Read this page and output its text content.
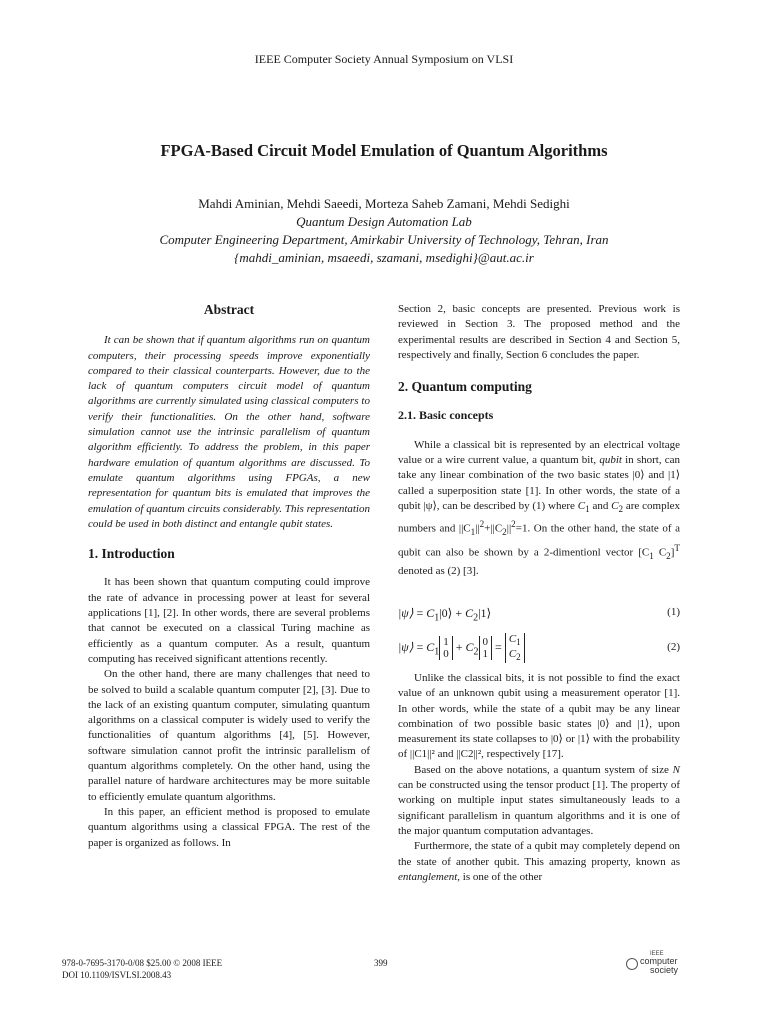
IEEE Computer Society Annual Symposium on VLSI
FPGA-Based Circuit Model Emulation of Quantum Algorithms
Mahdi Aminian, Mehdi Saeedi, Morteza Saheb Zamani, Mehdi Sedighi
Quantum Design Automation Lab
Computer Engineering Department, Amirkabir University of Technology, Tehran, Iran
{mahdi_aminian, msaeedi, szamani, msedighi}@aut.ac.ir
Abstract

It can be shown that if quantum algorithms run on quantum computers, their processing speeds improve exponentially compared to their classical counterparts. However, due to the lack of quantum computers circuit model of quantum algorithms are currently simulated using classical computers to verify their functionalities. On the other hand, software simulation cannot use the intrinsic parallelism of quantum algorithm efficiently. To address the problem, in this paper hardware emulation of quantum algorithms are discussed. To emulate quantum algorithms using FPGAs, a new representation for quantum bits is emulated that improves the emulation of quantum circuits considerably. This representation could be used in both distinct and entangle qubit states.

1. Introduction

It has been shown that quantum computing could improve the rate of advance in processing power at least for several applications [1], [2]. In other words, there are several problems that cannot be executed on a classical Turing machine as efficiently as a quantum computer. As a result, quantum computing has received significant attentions recently.

On the other hand, there are many challenges that need to be solved to build a scalable quantum computer [2], [3]. Due to the lack of an existing quantum computer, simulating quantum algorithms on a classical computer is widely used to verify the functionalities of quantum algorithms [4], [5]. However, software simulation cannot profit the intrinsic parallelism of quantum algorithms completely. On the other hand, using the parallel nature of hardware architectures may be more suitable to efficiently emulate quantum algorithms.

In this paper, an efficient method is proposed to emulate quantum algorithms using a classical FPGA. The rest of the paper is organized as follows. In

Section 2, basic concepts are presented. Previous work is reviewed in Section 3. The proposed method and the experimental results are described in Section 4 and Section 5, respectively and finally, Section 6 concludes the paper.

2. Quantum computing
2.1. Basic concepts

While a classical bit is represented by an electrical voltage value or a wire current value, a quantum bit, qubit in short, can take any linear combination of the two basic states |0⟩ and |1⟩ called a superposition state [1]. In other words, the state of a qubit |ψ⟩, can be described by (1) where $C_1$ and $C_2$ are complex numbers and $||C_1||^2+||C_2||^2=1$. On the other hand, the state of a qubit can also be shown by a 2-dimentionl vector [$C_1$ $C_2]^T$ denoted as (2) [3].

|ψ⟩ = $C_1|0⟩$ + $C_2|1⟩$	(1)
|ψ⟩ = $C_11$
$0 + C_20$
$1 = C_1$
$C_2$
(2)

Unlike the classical bits, it is not possible to find the exact value of an unknown qubit using a measurement operator [1]. In other words, while the state of a qubit may be any linear combination of two possible basic states |0⟩ and |1⟩, upon measurement its state collapses to |0⟩ or |1⟩ with the probability of ||C1||² and ||C2||², respectively [17].

Based on the above notations, a quantum system of size N can be constructed using the tensor product [1]. The property of working on multiple input states simultaneously leads to a significant parallelism in quantum algorithms and it is one of the major quantum computation advantages.

Furthermore, the state of a qubit may completely depend on the state of another qubit. This amazing property, known as entanglement, is one of the other

978-0-7695-3170-0/08 $25.00 © 2008 IEEE
DOI 10.1109/ISVLSI.2008.43
399
IEEE
computer
society
